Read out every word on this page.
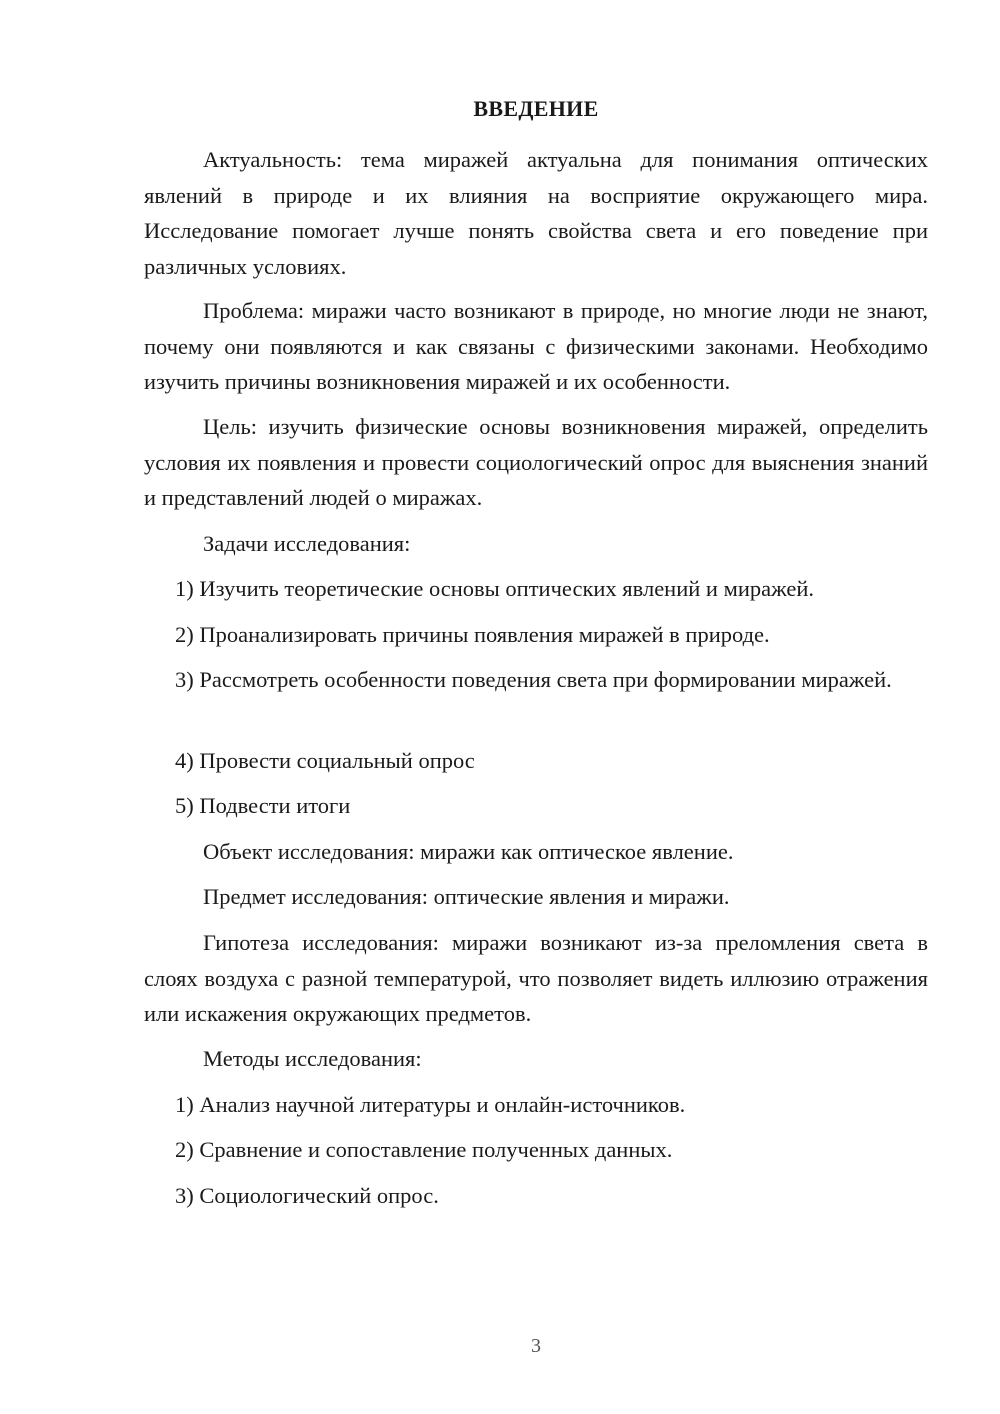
ВВЕДЕНИЕ

Актуальность: тема миражей актуальна для понимания оптических явлений в природе и их влияния на восприятие окружающего мира. Исследование помогает лучше понять свойства света и его поведение при различных условиях.

Проблема: миражи часто возникают в природе, но многие люди не знают, почему они появляются и как связаны с физическими законами. Необходимо изучить причины возникновения миражей и их особенности.

Цель: изучить физические основы возникновения миражей, определить условия их появления и провести социологический опрос для выяснения знаний и представлений людей о миражах.

Задачи исследования:

1) Изучить теоретические основы оптических явлений и миражей.

2) Проанализировать причины появления миражей в природе.

3) Рассмотреть особенности поведения света при формировании миражей.

4) Провести социальный опрос

5) Подвести итоги

Объект исследования: миражи как оптическое явление.

Предмет исследования: оптические явления и миражи.

Гипотеза исследования: миражи возникают из-за преломления света в слоях воздуха с разной температурой, что позволяет видеть иллюзию отражения или искажения окружающих предметов.

Методы исследования:

1) Анализ научной литературы и онлайн-источников.

2) Сравнение и сопоставление полученных данных.

3) Социологический опрос.

3
